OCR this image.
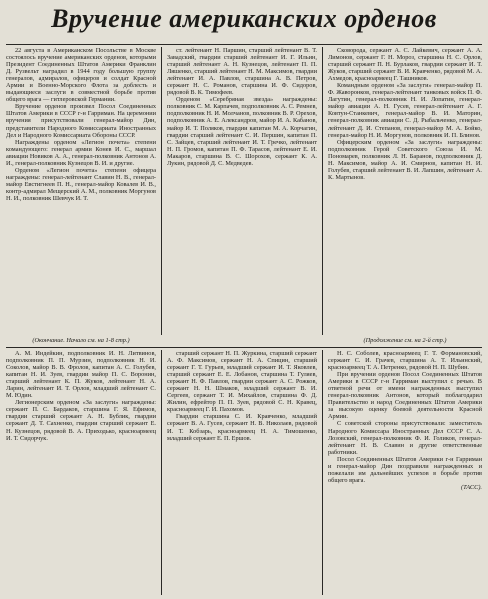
Вручение американских орденов

22 августа в Американском Посольстве в Москве состоялось вручение американских орденов, которыми Президент Соединенных Штатов Америки Франклин Д. Рузвельт наградил в 1944 году большую группу генералов, адмиралов, офицеров и солдат Красной Армии и Военно-Морского Флота за доблесть и выдающиеся заслуги в совместной борьбе против общего врага — гитлеровской Германии.

Вручение орденов произвел Посол Соединенных Штатов Америки в СССР г-н Гарриман. На церемонии вручения присутствовали генерал-майор Дин, представители Народного Комиссариата Иностранных Дел и Народного Комиссариата Обороны СССР.

Награждены орденом «Легион почета» степени командующего: генерал армии Конев И. С., маршал авиации Новиков А. А., генерал-полковник Антонов А. И., генерал-полковник Кузнецов В. И. и другие.

Орденом «Легион почета» степени офицера награждены: генерал-лейтенант Славин Н. В., генерал-майор Евстигнеев П. Н., генерал-майор Ковалев И. В., контр-адмирал Мещерский А. М., полковник Моргунов Н. И., полковник Шевчук И. Т.

ст. лейтенант Н. Паршин, старший лейтенант В. Т. Завадский, гвардии старший лейтенант И. Г. Ильин, старший лейтенант А. Н. Кузнецов, лейтенант П. П. Ляшенко, старший лейтенант Н. М. Максимов, гвардии лейтенант И. А. Павлов, старшина А. В. Петров, сержант Н. С. Романов, старшина И. Ф. Сидоров, рядовой В. К. Тимофеев.

Орденом «Серебряная звезда» награждены: полковник С. М. Карпачев, подполковник А. С. Ремнев, подполковник Н. И. Молчанов, полковник В. Р. Орехов, подполковник А. Е. Александров, майор И. А. Кабанов, майор И. Т. Поляков, гвардии капитан М. А. Корчагин, гвардии старший лейтенант С. И. Першин, капитан П. С. Зайцев, старший лейтенант И. Т. Гречко, лейтенант Н. П. Громов, капитан П. Ф. Тарасов, лейтенант Е. И. Макаров, старшина В. С. Шорохов, сержант К. А. Лукин, рядовой Д. С. Медведев.

Сковорода, сержант А. С. Лайкевич, сержант А. А. Лимонов, сержант Г. Н. Мороз, старшина Н. С. Орлов, старший сержант П. Н. Бурлаков, гвардии сержант И. Т. Жуков, старший сержант В. И. Кравченко, рядовой М. А. Ахмедов, красноармеец Г. Ташников.

Командным орденом «За заслуги» генерал-майор П. Ф. Жаворонков, генерал-лейтенант танковых войск П. Ф. Лагутин, генерал-полковник Н. И. Лопатин, генерал-майор авиации А. Н. Гусев, генерал-лейтенант А. Г. Ковтун-Станкевич, генерал-майор В. И. Маторин, генерал-полковник авиации С. Д. Рыбальченко, генерал-лейтенант Д. И. Степанов, генерал-майор М. А. Бойко, генерал-майор Н. И. Моргунов, полковник И. П. Блинов.

Офицерским орденом «За заслуги» награждены: подполковник Герой Советского Союза И. М. Пономарев, полковник Л. Н. Баранов, подполковник Д. Н. Максимов, майор А. И. Смирнов, капитан Н. И. Голубев, старший лейтенант В. И. Лапшин, лейтенант А. К. Мартынов.

(Окончание. Начало см. на 1-8 стр.)	(Продолжение см. на 2-й стр.)

А. М. Индейкин, подполковник И. Н. Литвинов, подполковник П. П. Мурзин, подполковник Н. И. Соколов, майор В. В. Фролов, капитан А. С. Голубев, капитан Н. И. Зуев, гвардии майор П. С. Воронин, старший лейтенант К. П. Жуков, лейтенант Н. А. Ларин, лейтенант И. Т. Орлов, младший лейтенант С. М. Юдин.

Легионерским орденом «За заслуги» награждены: сержант П. С. Бардаков, старшина Г. Я. Ефимов, гвардии старший сержант А. Н. Бублик, гвардии сержант Д. Т. Сахненко, гвардии старший сержант Е. Н. Кузнецов, рядовой В. А. Приходько, красноармеец И. Т. Сидорчук.

старший сержант Н. П. Журкина, старший сержант А. Ф. Максимов, сержант Н. А. Спицин, старший сержант Г. Т. Гурьев, младший сержант И. Т. Яковлев, старший сержант Е. Е. Лобанов, старшина Т. Гуляев, сержант Н. Ф. Павлов, гвардии сержант А. С. Рожков, сержант Н. Н. Шмаков, младший сержант В. И. Сергеев, сержант Т. И. Михайлов, старшина Ф. Д. Жилин, ефрейтор П. П. Зуев, рядовой С. Н. Кравец, красноармеец Г. И. Пахомов.

Гвардии старшина С. И. Кравченко, младший сержант В. А. Гусев, сержант Н. В. Николаев, рядовой И. Т. Кобзарь, красноармеец Н. А. Тимошенко, младший сержант Е. П. Ершов.

Н. С. Соболев, красноармеец Г. Т. Формановский, сержант С. И. Грачев, старшина А. Т. Ильинский, красноармеец Т. А. Петренко, рядовой Н. П. Шубин.

При вручении орденов Посол Соединенных Штатов Америки в СССР г-н Гарриман выступил с речью. В ответной речи от имени награжденных выступил генерал-полковник Антонов, который поблагодарил Правительство и народ Соединенных Штатов Америки за высокую оценку боевой деятельности Красной Армии.

С советской стороны присутствовали: заместитель Народного Комиссара Иностранных Дел СССР С. А. Лозовский, генерал-полковник Ф. И. Голиков, генерал-лейтенант Н. В. Славин и другие ответственные работники.

Посол Соединенных Штатов Америки г-н Гарриман и генерал-майор Дин поздравили награжденных и пожелали им дальнейших успехов в борьбе против общего врага.

(ТАСС).
